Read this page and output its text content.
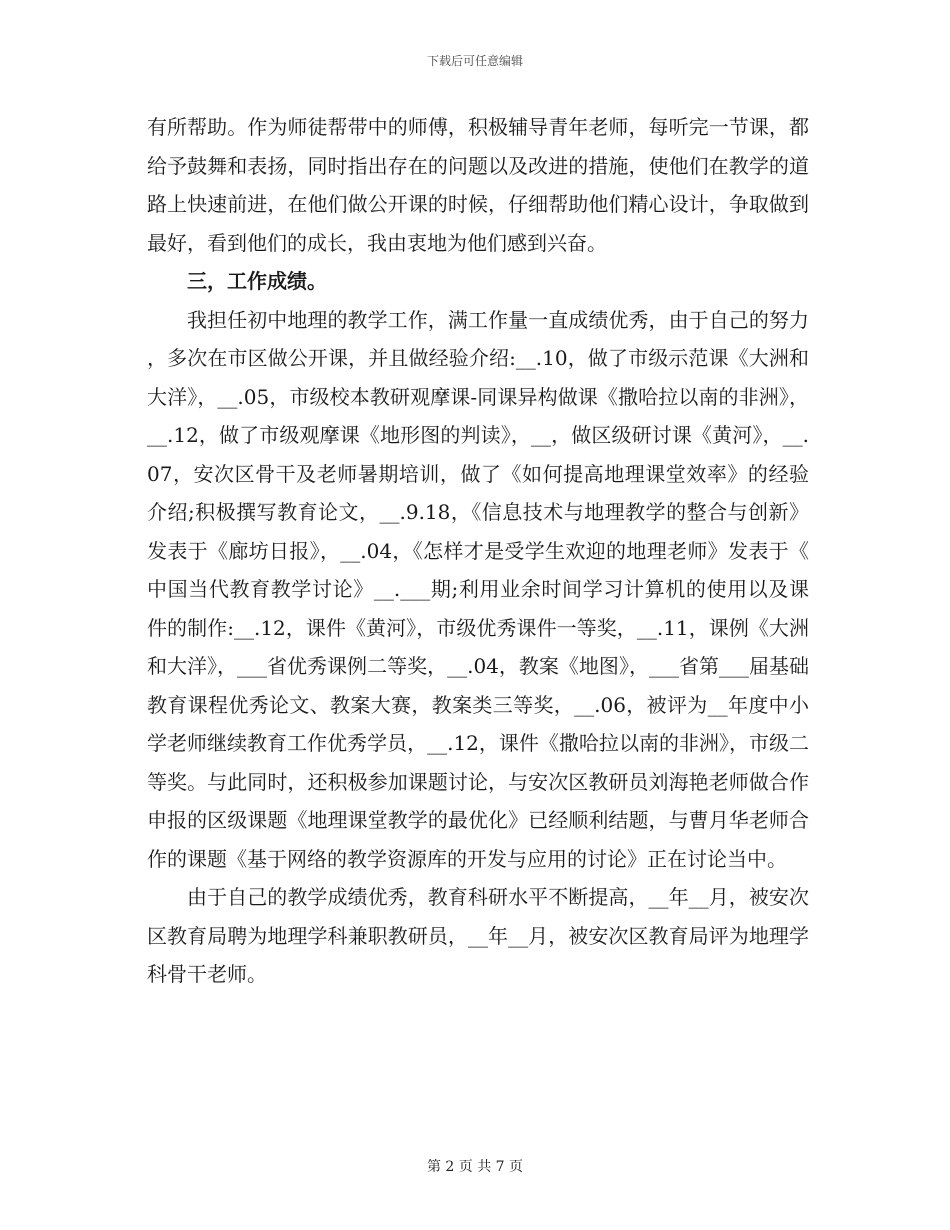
下载后可任意编辑

有所帮助。作为师徒帮带中的师傅，积极辅导青年老师，每听完一节课，都给予鼓舞和表扬，同时指出存在的问题以及改进的措施，使他们在教学的道路上快速前进，在他们做公开课的时候，仔细帮助他们精心设计，争取做到最好，看到他们的成长，我由衷地为他们感到兴奋。

三，工作成绩。

我担任初中地理的教学工作，满工作量一直成绩优秀，由于自己的努力，多次在市区做公开课，并且做经验介绍:__.10，做了市级示范课《大洲和大洋》，__.05，市级校本教研观摩课-同课异构做课《撒哈拉以南的非洲》，__.12，做了市级观摩课《地形图的判读》，__，做区级研讨课《黄河》，__.07，安次区骨干及老师暑期培训，做了《如何提高地理课堂效率》的经验介绍;积极撰写教育论文，__.9.18，《信息技术与地理教学的整合与创新》发表于《廊坊日报》，__.04，《怎样才是受学生欢迎的地理老师》发表于《中国当代教育教学讨论》__.___期;利用业余时间学习计算机的使用以及课件的制作:__.12，课件《黄河》，市级优秀课件一等奖，__.11，课例《大洲和大洋》，___省优秀课例二等奖，__.04，教案《地图》，___省第___届基础教育课程优秀论文、教案大赛，教案类三等奖，__.06，被评为__年度中小学老师继续教育工作优秀学员，__.12，课件《撒哈拉以南的非洲》，市级二等奖。与此同时，还积极参加课题讨论，与安次区教研员刘海艳老师做合作申报的区级课题《地理课堂教学的最优化》已经顺利结题，与曹月华老师合作的课题《基于网络的教学资源库的开发与应用的讨论》正在讨论当中。

由于自己的教学成绩优秀，教育科研水平不断提高，__年__月，被安次区教育局聘为地理学科兼职教研员，__年__月，被安次区教育局评为地理学科骨干老师。

第 2 页 共 7 页
